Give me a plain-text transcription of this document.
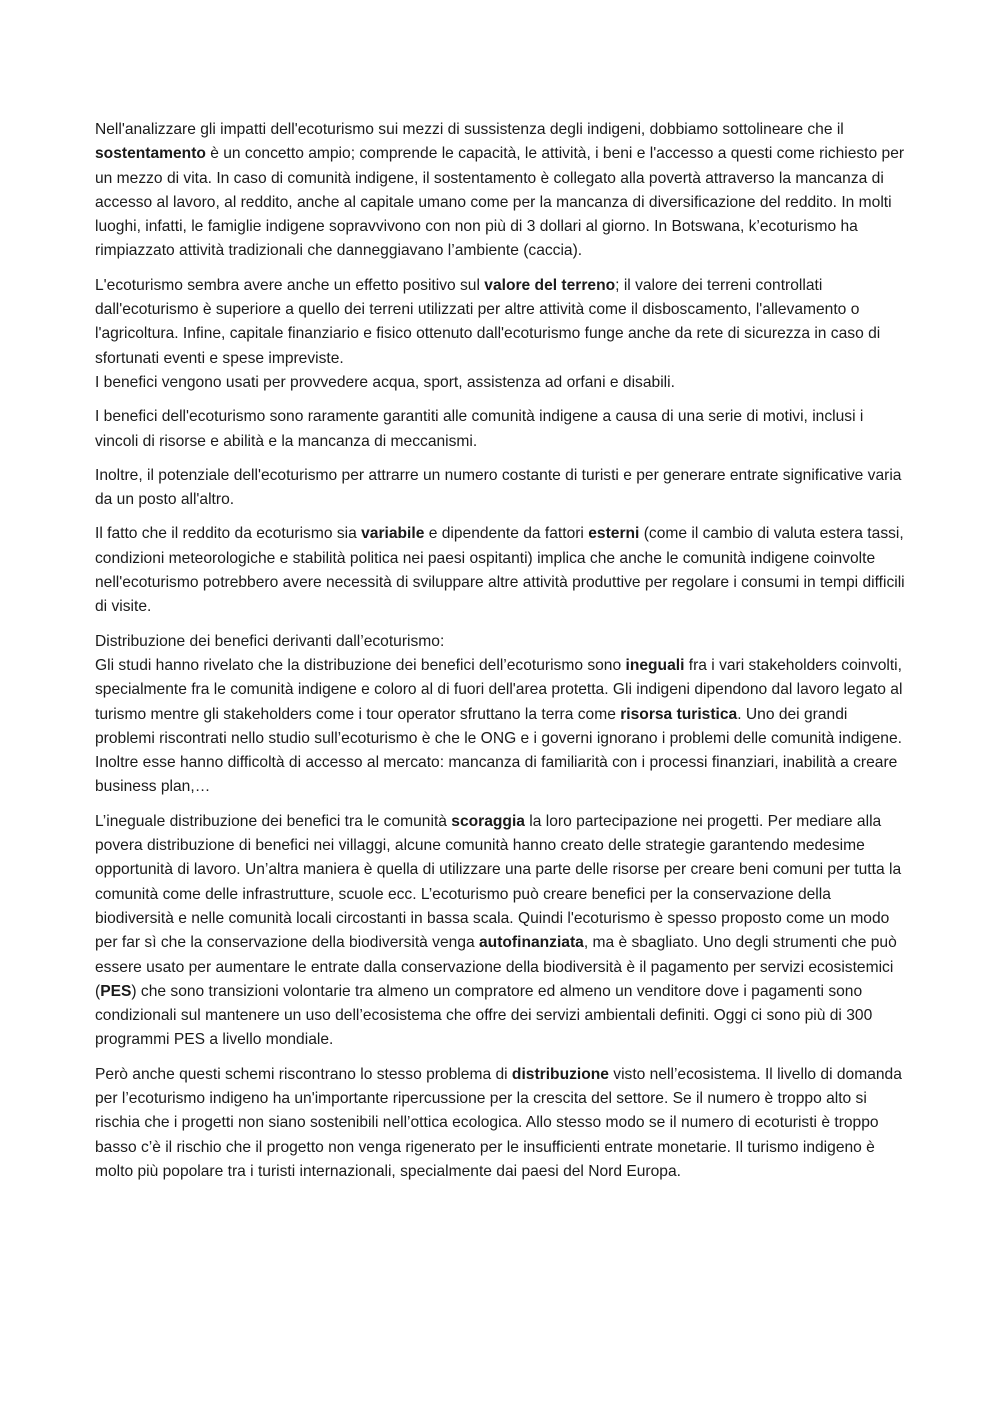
Nell'analizzare gli impatti dell'ecoturismo sui mezzi di sussistenza degli indigeni, dobbiamo sottolineare che il sostentamento è un concetto ampio; comprende le capacità, le attività, i beni e l'accesso a questi come richiesto per un mezzo di vita. In caso di comunità indigene, il sostentamento è collegato alla povertà attraverso la mancanza di accesso al lavoro, al reddito, anche al capitale umano come per la mancanza di diversificazione del reddito. In molti luoghi, infatti, le famiglie indigene sopravvivono con non più di 3 dollari al giorno. In Botswana, k’ecoturismo ha rimpiazzato attività tradizionali che danneggiavano l’ambiente (caccia).

L'ecoturismo sembra avere anche un effetto positivo sul valore del terreno; il valore dei terreni controllati dall'ecoturismo è superiore a quello dei terreni utilizzati per altre attività come il disboscamento, l'allevamento o l'agricoltura. Infine, capitale finanziario e fisico ottenuto dall'ecoturismo funge anche da rete di sicurezza in caso di sfortunati eventi e spese impreviste.

I benefici vengono usati per provvedere acqua, sport, assistenza ad orfani e disabili.

I benefici dell'ecoturismo sono raramente garantiti alle comunità indigene a causa di una serie di motivi, inclusi i vincoli di risorse e abilità e la mancanza di meccanismi.

Inoltre, il potenziale dell'ecoturismo per attrarre un numero costante di turisti e per generare entrate significative varia da un posto all'altro.

Il fatto che il reddito da ecoturismo sia variabile e dipendente da fattori esterni (come il cambio di valuta estera tassi, condizioni meteorologiche e stabilità politica nei paesi ospitanti) implica che anche le comunità indigene coinvolte nell'ecoturismo potrebbero avere necessità di sviluppare altre attività produttive per regolare i consumi in tempi difficili di visite.

Distribuzione dei benefici derivanti dall’ecoturismo:

Gli studi hanno rivelato che la distribuzione dei benefici dell’ecoturismo sono ineguali fra i vari stakeholders coinvolti, specialmente fra le comunità indigene e coloro al di fuori dell'area protetta. Gli indigeni dipendono dal lavoro legato al turismo mentre gli stakeholders come i tour operator sfruttano la terra come risorsa turistica. Uno dei grandi problemi riscontrati nello studio sull’ecoturismo è che le ONG e i governi ignorano i problemi delle comunità indigene. Inoltre esse hanno difficoltà di accesso al mercato: mancanza di familiarità con i processi finanziari, inabilità a creare business plan,…

L’ineguale distribuzione dei benefici tra le comunità scoraggia la loro partecipazione nei progetti. Per mediare alla povera distribuzione di benefici nei villaggi, alcune comunità hanno creato delle strategie garantendo medesime opportunità di lavoro. Un’altra maniera è quella di utilizzare una parte delle risorse per creare beni comuni per tutta la comunità come delle infrastrutture, scuole ecc. L’ecoturismo può creare benefici per la conservazione della biodiversità e nelle comunità locali circostanti in bassa scala. Quindi l'ecoturismo è spesso proposto come un modo per far sì che la conservazione della biodiversità venga autofinanziata, ma è sbagliato. Uno degli strumenti che può essere usato per aumentare le entrate dalla conservazione della biodiversità è il pagamento per servizi ecosistemici (PES) che sono transizioni volontarie tra almeno un compratore ed almeno un venditore dove i pagamenti sono condizionali sul mantenere un uso dell’ecosistema che offre dei servizi ambientali definiti. Oggi ci sono più di 300 programmi PES a livello mondiale.

Però anche questi schemi riscontrano lo stesso problema di distribuzione visto nell’ecosistema. Il livello di domanda per l’ecoturismo indigeno ha un'importante ripercussione per la crescita del settore. Se il numero è troppo alto si rischia che i progetti non siano sostenibili nell’ottica ecologica. Allo stesso modo se il numero di ecoturisti è troppo basso c’è il rischio che il progetto non venga rigenerato per le insufficienti entrate monetarie. Il turismo indigeno è molto più popolare tra i turisti internazionali, specialmente dai paesi del Nord Europa.
